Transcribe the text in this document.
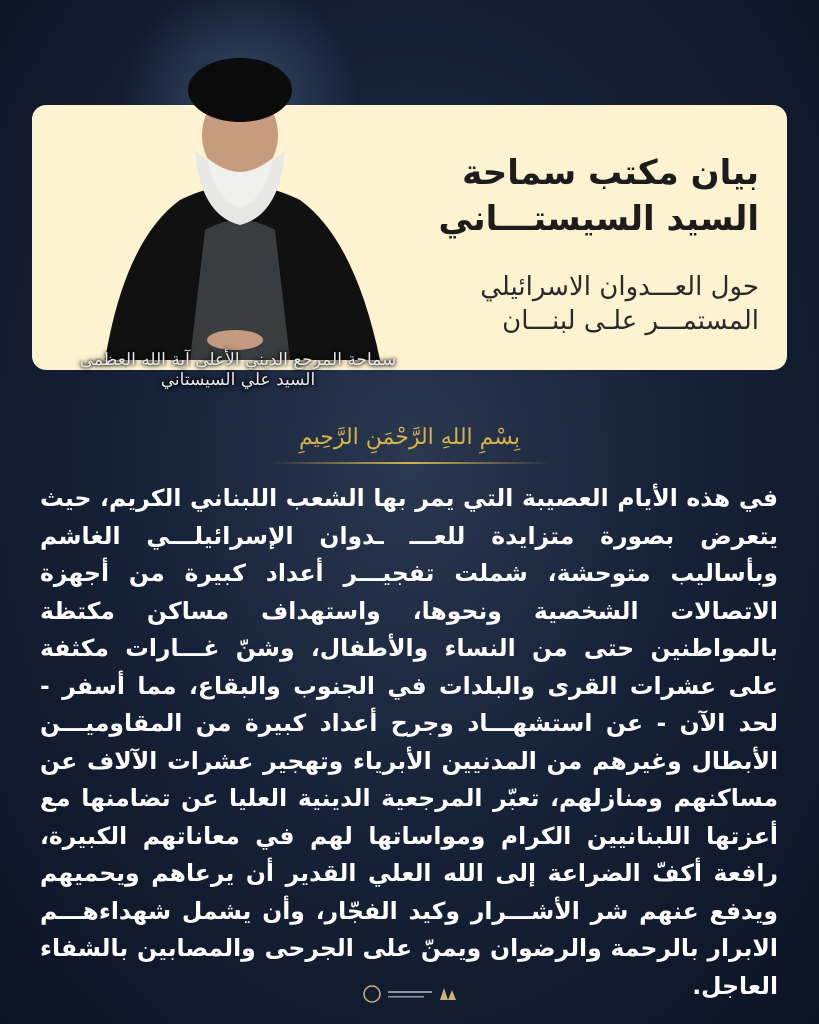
بيان مكتب سماحة
السيد السيستـــاني
حول العـــدوان الاسرائيلي
المستمـــر علـى لبنـــان
سماحة المرجع الديني الأعلى آية الله العظمى السيد علي السيستاني
بِسْمِ اللهِ الرَّحْمَنِ الرَّحِيمِ
في هذه الأيام العصيبة التي يمر بها الشعب اللبناني الكريم، حيث يتعرض بصورة متزايدة للعـــ ـدوان الإسرائيلـــي الغاشم وبأساليب متوحشة، شملت تفجيـــر أعداد كبيرة من أجهزة الاتصالات الشخصية ونحوها، واستهداف مساكن مكتظة بالمواطنين حتى من النساء والأطفال، وشنّ غـــارات مكثفة على عشرات القرى والبلدات في الجنوب والبقاع، مما أسفر - لحد الآن - عن استشهـــاد وجرح أعداد كبيرة من المقاوميـــن الأبطال وغيرهم من المدنيين الأبرياء وتهجير عشرات الآلاف عن مساكنهم ومنازلهم، تعبّر المرجعية الدينية العليا عن تضامنها مع أعزتها اللبنانيين الكرام ومواساتها لهم في معاناتهم الكبيرة، رافعة أكفّ الضراعة إلى الله العلي القدير أن يرعاهم ويحميهم ويدفع عنهم شر الأشـــرار وكيد الفجّار، وأن يشمل شهداءهـــم الابرار بالرحمة والرضوان ويمنّ على الجرحى والمصابين بالشفاء العاجل.
